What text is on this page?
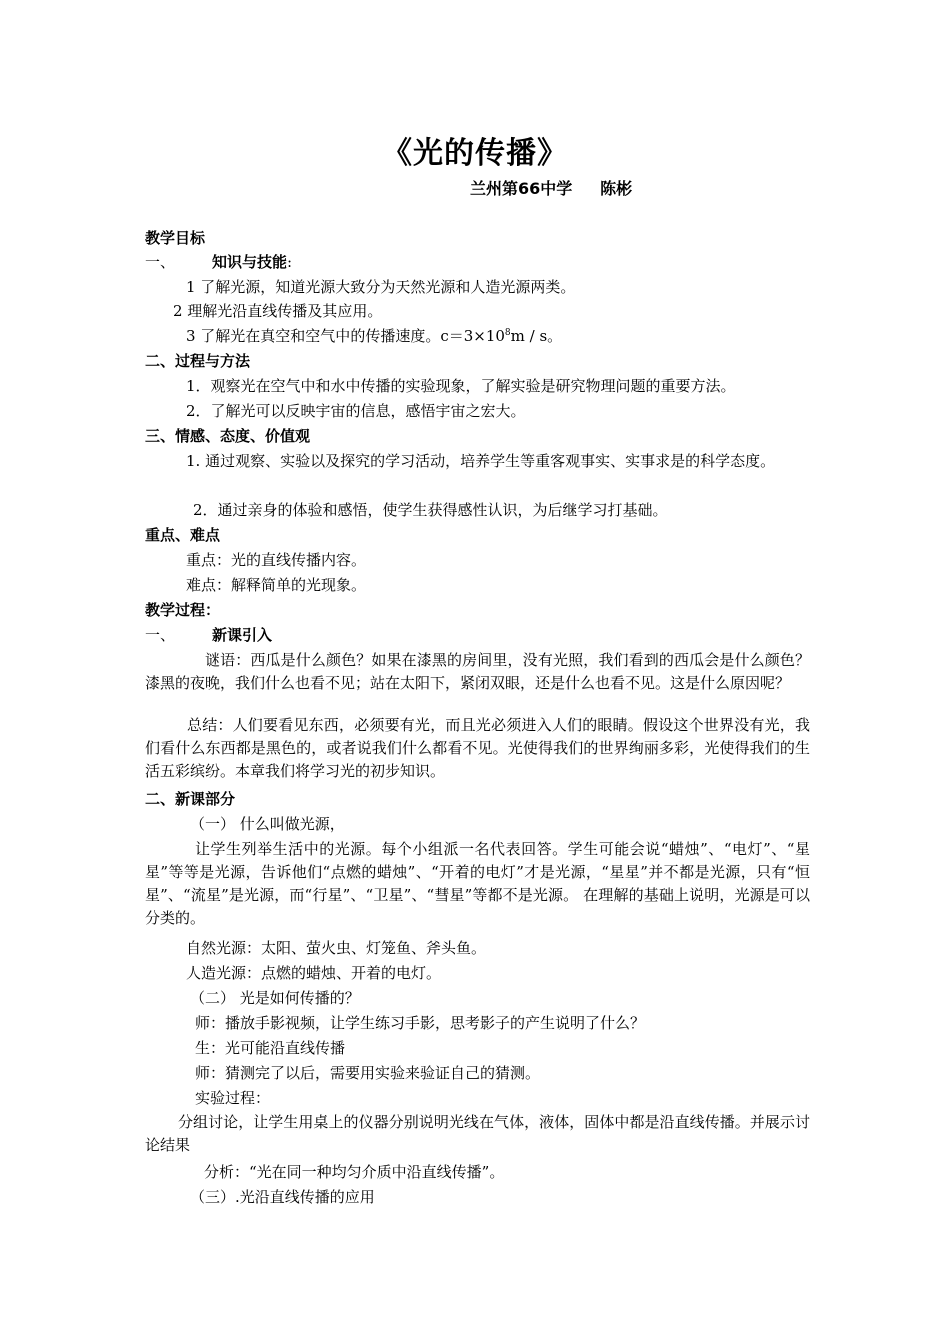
《光的传播》
兰州第66中学     陈彬
教学目标
一、 知识与技能:
1 了解光源，知道光源大致分为天然光源和人造光源两类。
2 理解光沿直线传播及其应用。
3 了解光在真空和空气中的传播速度。$c=3\times 10^8m / s$。
二、过程与方法
1．观察光在空气中和水中传播的实验现象，了解实验是研究物理问题的重要方法。
2．了解光可以反映宇宙的信息，感悟宇宙之宏大。
三、情感、态度、价值观
1. 通过观察、实验以及探究的学习活动，培养学生等重客观事实、实事求是的科学态度。
2．通过亲身的体验和感悟，使学生获得感性认识，为后继学习打基础。
重点、难点
重点：光的直线传播内容。
难点：解释简单的光现象。
教学过程：
一、 新课引入
谜语：西瓜是什么颜色？如果在漆黑的房间里，没有光照，我们看到的西瓜会是什么颜色？漆黑的夜晚，我们什么也看不见；站在太阳下，紧闭双眼，还是什么也看不见。这是什么原因呢？
总结：人们要看见东西，必须要有光，而且光必须进入人们的眼睛。假设这个世界没有光，我们看什么东西都是黑色的，或者说我们什么都看不见。光使得我们的世界绚丽多彩，光使得我们的生活五彩缤纷。本章我们将学习光的初步知识。
二、新课部分
（一） 什么叫做光源，
让学生列举生活中的光源。每个小组派一名代表回答。学生可能会说“蜡烛”、“电灯”、“星星”等等是光源，告诉他们“点燃的蜡烛”、“开着的电灯”才是光源，“星星”并不都是光源，只有“恒星”、“流星”是光源，而“行星”、“卫星”、“彗星”等都不是光源。 在理解的基础上说明，光源是可以分类的。
自然光源：太阳、萤火虫、灯笼鱼、斧头鱼。
人造光源：点燃的蜡烛、开着的电灯。
（二） 光是如何传播的？
师：播放手影视频，让学生练习手影，思考影子的产生说明了什么？
生：光可能沿直线传播
师：猜测完了以后，需要用实验来验证自己的猜测。
实验过程：
分组讨论，让学生用桌上的仪器分别说明光线在气体，液体，固体中都是沿直线传播。并展示讨论结果
分析：“光在同一种均匀介质中沿直线传播”。
（三）.光沿直线传播的应用
